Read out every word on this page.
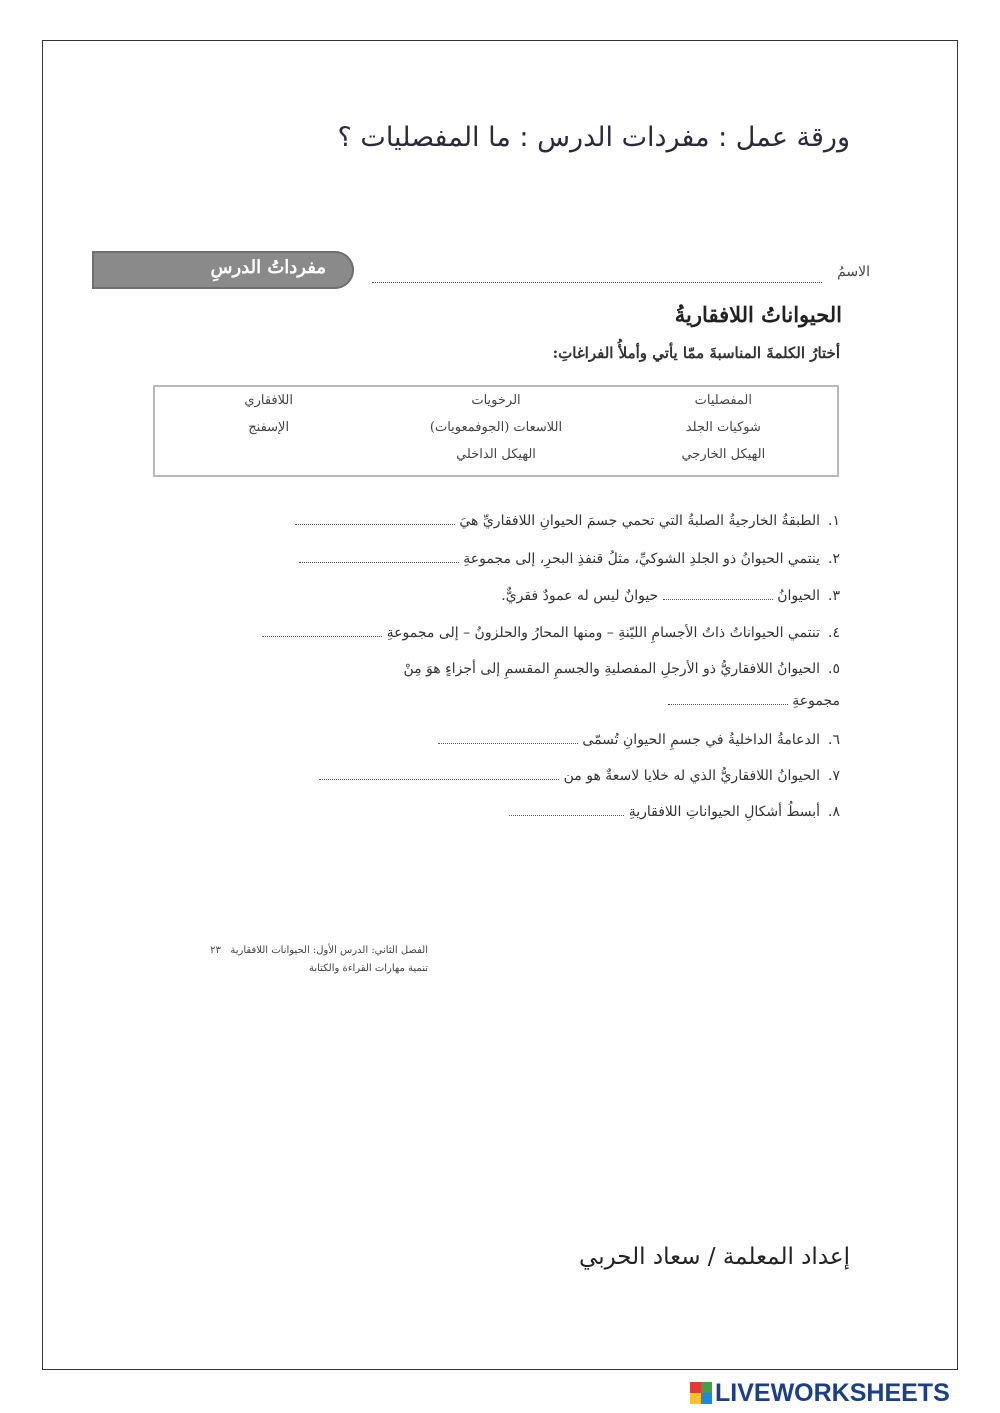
ورقة عمل : مفردات الدرس : ما المفصليات ؟
مفرداتُ الدرسِ	الاسمُ
الحيواناتُ اللافقاريةُ
أختارُ الكلمةَ المناسبةَ ممّا يأتي وأملأُ الفراغاتِ:
المفصليات
الرخويات
اللافقاري
شوكيات الجلد
اللاسعات (الجوفمعويات)
الإسفنج
الهيكل الخارجي
الهيكل الداخلي
١.الطبقةُ الخارجيةُ الصلبةُ التي تحمي جسمَ الحيوانِ اللافقاريِّ هيَ
٢.ينتمي الحيوانُ ذو الجلدِ الشوكيِّ، مثلُ قنفذِ البحرِ، إلى مجموعةِ
٣.الحيوانُ  حيوانٌ ليس له عمودٌ فقريٌّ.
٤.تنتمي الحيواناتُ ذاتُ الأجسامِ الليّنةِ – ومنها المحارُ والحلزونُ – إلى مجموعةِ
٥.الحيوانُ اللافقاريُّ ذو الأرجلِ المفصليةِ والجسمِ المقسمِ إلى أجزاءٍ هوَ مِنْ
مجموعةِ
٦.الدعامةُ الداخليةُ في جسمِ الحيوانِ تُسمّى
٧.الحيوانُ اللافقاريُّ الذي له خلايا لاسعةٌ هو من
٨.أبسطُ أشكالِ الحيواناتِ اللافقاريةِ
الفصل الثاني: الدرس الأول: الحيوانات اللافقارية   ٢٣
تنمية مهارات القراءة والكتابة
إعداد المعلمة / سعاد الحربي
LIVEWORKSHEETS
